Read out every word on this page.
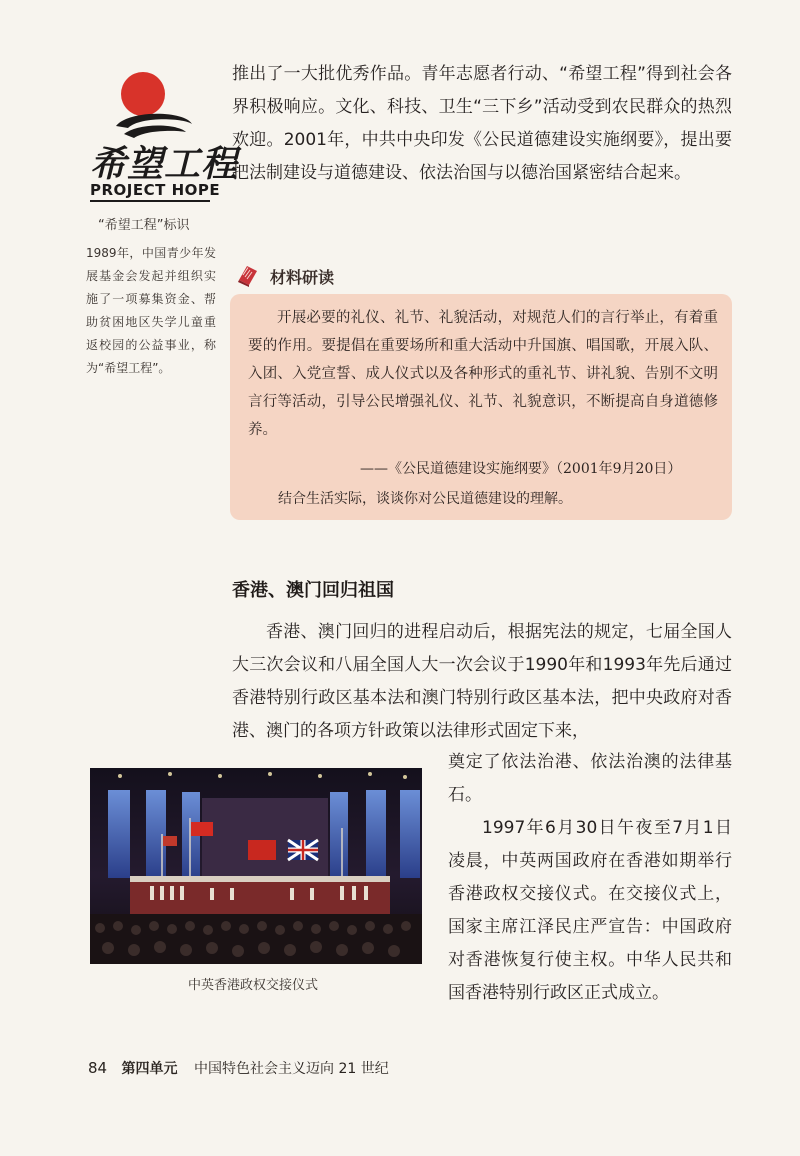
希望工程
PROJECT HOPE
“希望工程”标识
1989年，中国青少年发展基金会发起并组织实施了一项募集资金、帮助贫困地区失学儿童重返校园的公益事业，称为“希望工程”。
推出了一大批优秀作品。青年志愿者行动、“希望工程”得到社会各界积极响应。文化、科技、卫生“三下乡”活动受到农民群众的热烈欢迎。2001年，中共中央印发《公民道德建设实施纲要》，提出要把法制建设与道德建设、依法治国与以德治国紧密结合起来。
材料研读
开展必要的礼仪、礼节、礼貌活动，对规范人们的言行举止，有着重要的作用。要提倡在重要场所和重大活动中升国旗、唱国歌，开展入队、入团、入党宣誓、成人仪式以及各种形式的重礼节、讲礼貌、告别不文明言行等活动，引导公民增强礼仪、礼节、礼貌意识，不断提高自身道德修养。
——《公民道德建设实施纲要》（2001年9月20日）
结合生活实际，谈谈你对公民道德建设的理解。
香港、澳门回归祖国
香港、澳门回归的进程启动后，根据宪法的规定，七届全国人大三次会议和八届全国人大一次会议于1990年和1993年先后通过香港特别行政区基本法和澳门特别行政区基本法，把中央政府对香港、澳门的各项方针政策以法律形式固定下来，
奠定了依法治港、依法治澳的法律基石。
1997年6月30日午夜至7月1日凌晨，中英两国政府在香港如期举行香港政权交接仪式。在交接仪式上，国家主席江泽民庄严宣告：中国政府对香港恢复行使主权。中华人民共和国香港特别行政区正式成立。
中英香港政权交接仪式
84 第四单元 中国特色社会主义迈向 21 世纪
